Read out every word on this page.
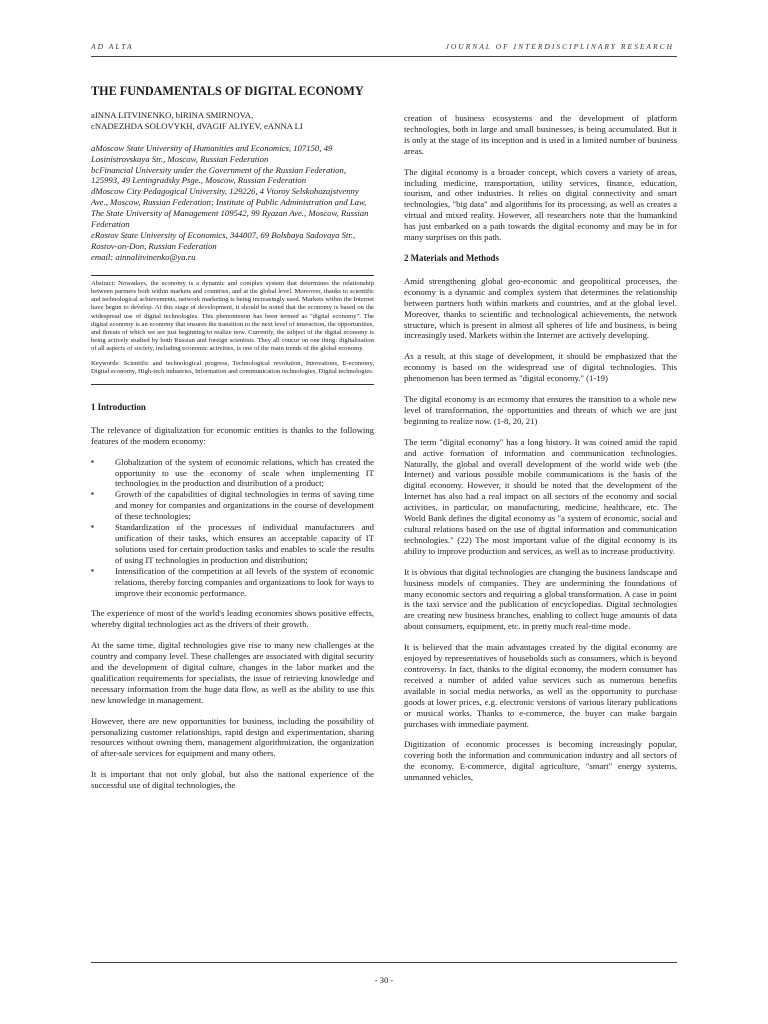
AD ALTA	JOURNAL OF INTERDISCIPLINARY RESEARCH
THE FUNDAMENTALS OF DIGITAL ECONOMY
aINNA LITVINENKO, bIRINA SMIRNOVA,
cNADEZHDA SOLOVYKH, dVAGIF ALIYEV, eANNA LI
aMoscow State University of Humanities and Economics, 107150, 49 Losinistrovskaya Str., Moscow, Russian Federation
bcFinancial University under the Government of the Russian Federation, 125993, 49 Leningradsky Psge., Moscow, Russian Federation
dMoscow City Pedagogical University, 129226, 4 Vtoroy Selskohozajstvenny Ave., Moscow, Russian Federation; Institute of Public Administration and Law, The State University of Management 109542, 99 Ryazan Ave., Moscow, Russian Federation
eRostov State University of Economics, 344007, 69 Bolshaya Sadovaya Str., Rostov-on-Don, Russian Federation
email: ainnalitvinenko@ya.ru
Abstract: Nowadays, the economy is a dynamic and complex system that determines the relationship between partners both within markets and countries, and at the global level. Moreover, thanks to scientific and technological achievements, network marketing is being increasingly used. Markets within the Internet have begun to develop. At this stage of development, it should be noted that the economy is based on the widespread use of digital technologies. This phenomenon has been termed as "digital economy". The digital economy is an economy that ensures the transition to the next level of interaction, the opportunities, and threats of which we are just beginning to realize now. Currently, the subject of the digital economy is being actively studied by both Russian and foreign scientists. They all concur on one thing: digitalization of all aspects of society, including economic activities, is one of the main trends of the global economy.
Keywords: Scientific and technological progress, Technological revolution, Innovations, E-economy, Digital economy, High-tech industries, Information and communication technologies, Digital technologies.
1 Introduction

The relevance of digitalization for economic entities is thanks to the following features of the modern economy:

▪ Globalization of the system of economic relations, which has created the opportunity to use the economy of scale when implementing IT technologies in the production and distribution of a product;
▪ Growth of the capabilities of digital technologies in terms of saving time and money for companies and organizations in the course of development of these technologies;
▪ Standardization of the processes of individual manufacturers and unification of their tasks, which ensures an acceptable capacity of IT solutions used for certain production tasks and enables to scale the results of using IT technologies in production and distribution;
▪ Intensification of the competition at all levels of the system of economic relations, thereby forcing companies and organizations to look for ways to improve their economic performance.

The experience of most of the world's leading economies shows positive effects, whereby digital technologies act as the drivers of their growth.

At the same time, digital technologies give rise to many new challenges at the country and company level. These challenges are associated with digital security and the development of digital culture, changes in the labor market and the qualification requirements for specialists, the issue of retrieving knowledge and necessary information from the huge data flow, as well as the ability to use this new knowledge in management.

However, there are new opportunities for business, including the possibility of personalizing customer relationships, rapid design and experimentation, sharing resources without owning them, management algorithmization, the organization of after-sale services for equipment and many others.

It is important that not only global, but also the national experience of the successful use of digital technologies, the

creation of business ecosystems and the development of platform technologies, both in large and small businesses, is being accumulated. But it is only at the stage of its inception and is used in a limited number of business areas.

The digital economy is a broader concept, which covers a variety of areas, including medicine, transportation, utility services, finance, education, tourism, and other industries. It relies on digital connectivity and smart technologies, "big data" and algorithms for its processing, as well as creates a virtual and mixed reality. However, all researchers note that the humankind has just embarked on a path towards the digital economy and may be in for many surprises on this path.

2 Materials and Methods

Amid strengthening global geo-economic and geopolitical processes, the economy is a dynamic and complex system that determines the relationship between partners both within markets and countries, and at the global level. Moreover, thanks to scientific and technological achievements, the network structure, which is present in almost all spheres of life and business, is being increasingly used. Markets within the Internet are actively developing.

As a result, at this stage of development, it should be emphasized that the economy is based on the widespread use of digital technologies. This phenomenon has been termed as "digital economy." (1-19)

The digital economy is an economy that ensures the transition to a whole new level of transformation, the opportunities and threats of which we are just beginning to realize now. (1-8, 20, 21)

The term "digital economy" has a long history. It was coined amid the rapid and active formation of information and communication technologies. Naturally, the global and overall development of the world wide web (the Internet) and various possible mobile communications is the basis of the digital economy. However, it should be noted that the development of the Internet has also had a real impact on all sectors of the economy and social activities, in particular, on manufacturing, medicine, healthcare, etc. The World Bank defines the digital economy as "a system of economic, social and cultural relations based on the use of digital information and communication technologies." (22) The most important value of the digital economy is its ability to improve production and services, as well as to increase productivity.

It is obvious that digital technologies are changing the business landscape and business models of companies. They are undermining the foundations of many economic sectors and requiring a global transformation. A case in point is the taxi service and the publication of encyclopedias. Digital technologies are creating new business branches, enabling to collect huge amounts of data about consumers, equipment, etc. in pretty much real-time mode.

It is believed that the main advantages created by the digital economy are enjoyed by representatives of households such as consumers, which is beyond controversy. In fact, thanks to the digital economy, the modern consumer has received a number of added value services such as numerous benefits available in social media networks, as well as the opportunity to purchase goods at lower prices, e.g. electronic versions of various literary publications or musical works. Thanks to e-commerce, the buyer can make bargain purchases with immediate payment.

Digitization of economic processes is becoming increasingly popular, covering both the information and communication industry and all sectors of the economy. E-commerce, digital agriculture, "smart" energy systems, unmanned vehicles,

- 30 -
